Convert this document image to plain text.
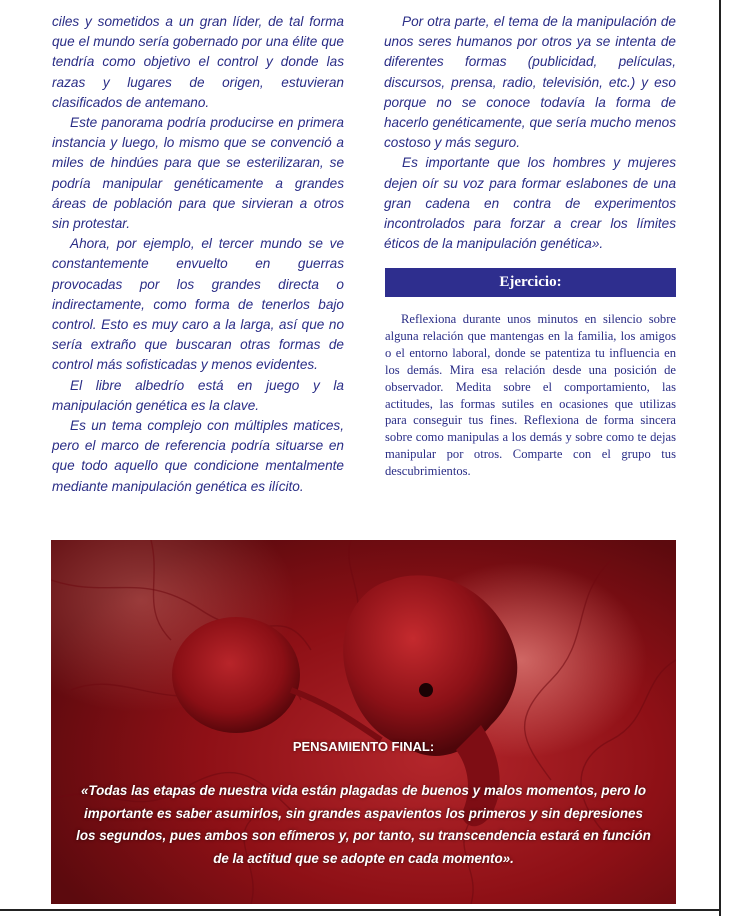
ciles y sometidos a un gran líder, de tal forma que el mundo sería gobernado por una élite que tendría como objetivo el control y donde las razas y lugares de origen, estuvieran clasificados de antemano.

Este panorama podría producirse en primera instancia y luego, lo mismo que se convenció a miles de hindúes para que se esterilizaran, se podría manipular genéticamente a grandes áreas de población para que sirvieran a otros sin protestar.

Ahora, por ejemplo, el tercer mundo se ve constantemente envuelto en guerras provocadas por los grandes directa o indirectamente, como forma de tenerlos bajo control. Esto es muy caro a la larga, así que no sería extraño que buscaran otras formas de control más sofisticadas y menos evidentes.

El libre albedrío está en juego y la manipulación genética es la clave.

Es un tema complejo con múltiples matices, pero el marco de referencia podría situarse en que todo aquello que condicione mentalmente mediante manipulación genética es ilícito.

Por otra parte, el tema de la manipulación de unos seres humanos por otros ya se intenta de diferentes formas (publicidad, películas, discursos, prensa, radio, televisión, etc.) y eso porque no se conoce todavía la forma de hacerlo genéticamente, que sería mucho menos costoso y más seguro.

Es importante que los hombres y mujeres dejen oír su voz para formar eslabones de una gran cadena en contra de experimentos incontrolados para forzar a crear los límites éticos de la manipulación genética».

Ejercicio:

Reflexiona durante unos minutos en silencio sobre alguna relación que mantengas en la familia, los amigos o el entorno laboral, donde se patentiza tu influencia en los demás. Mira esa relación desde una posición de observador. Medita sobre el comportamiento, las actitudes, las formas sutiles en ocasiones que utilizas para conseguir tus fines. Reflexiona de forma sincera sobre como manipulas a los demás y sobre como te dejas manipular por otros. Comparte con el grupo tus descubrimientos.

PENSAMIENTO FINAL:

«Todas las etapas de nuestra vida están plagadas de buenos y malos momentos, pero lo importante es saber asumirlos, sin grandes aspavientos los primeros y sin depresiones los segundos, pues ambos son efímeros y, por tanto, su transcendencia estará en función de la actitud que se adopte en cada momento».
